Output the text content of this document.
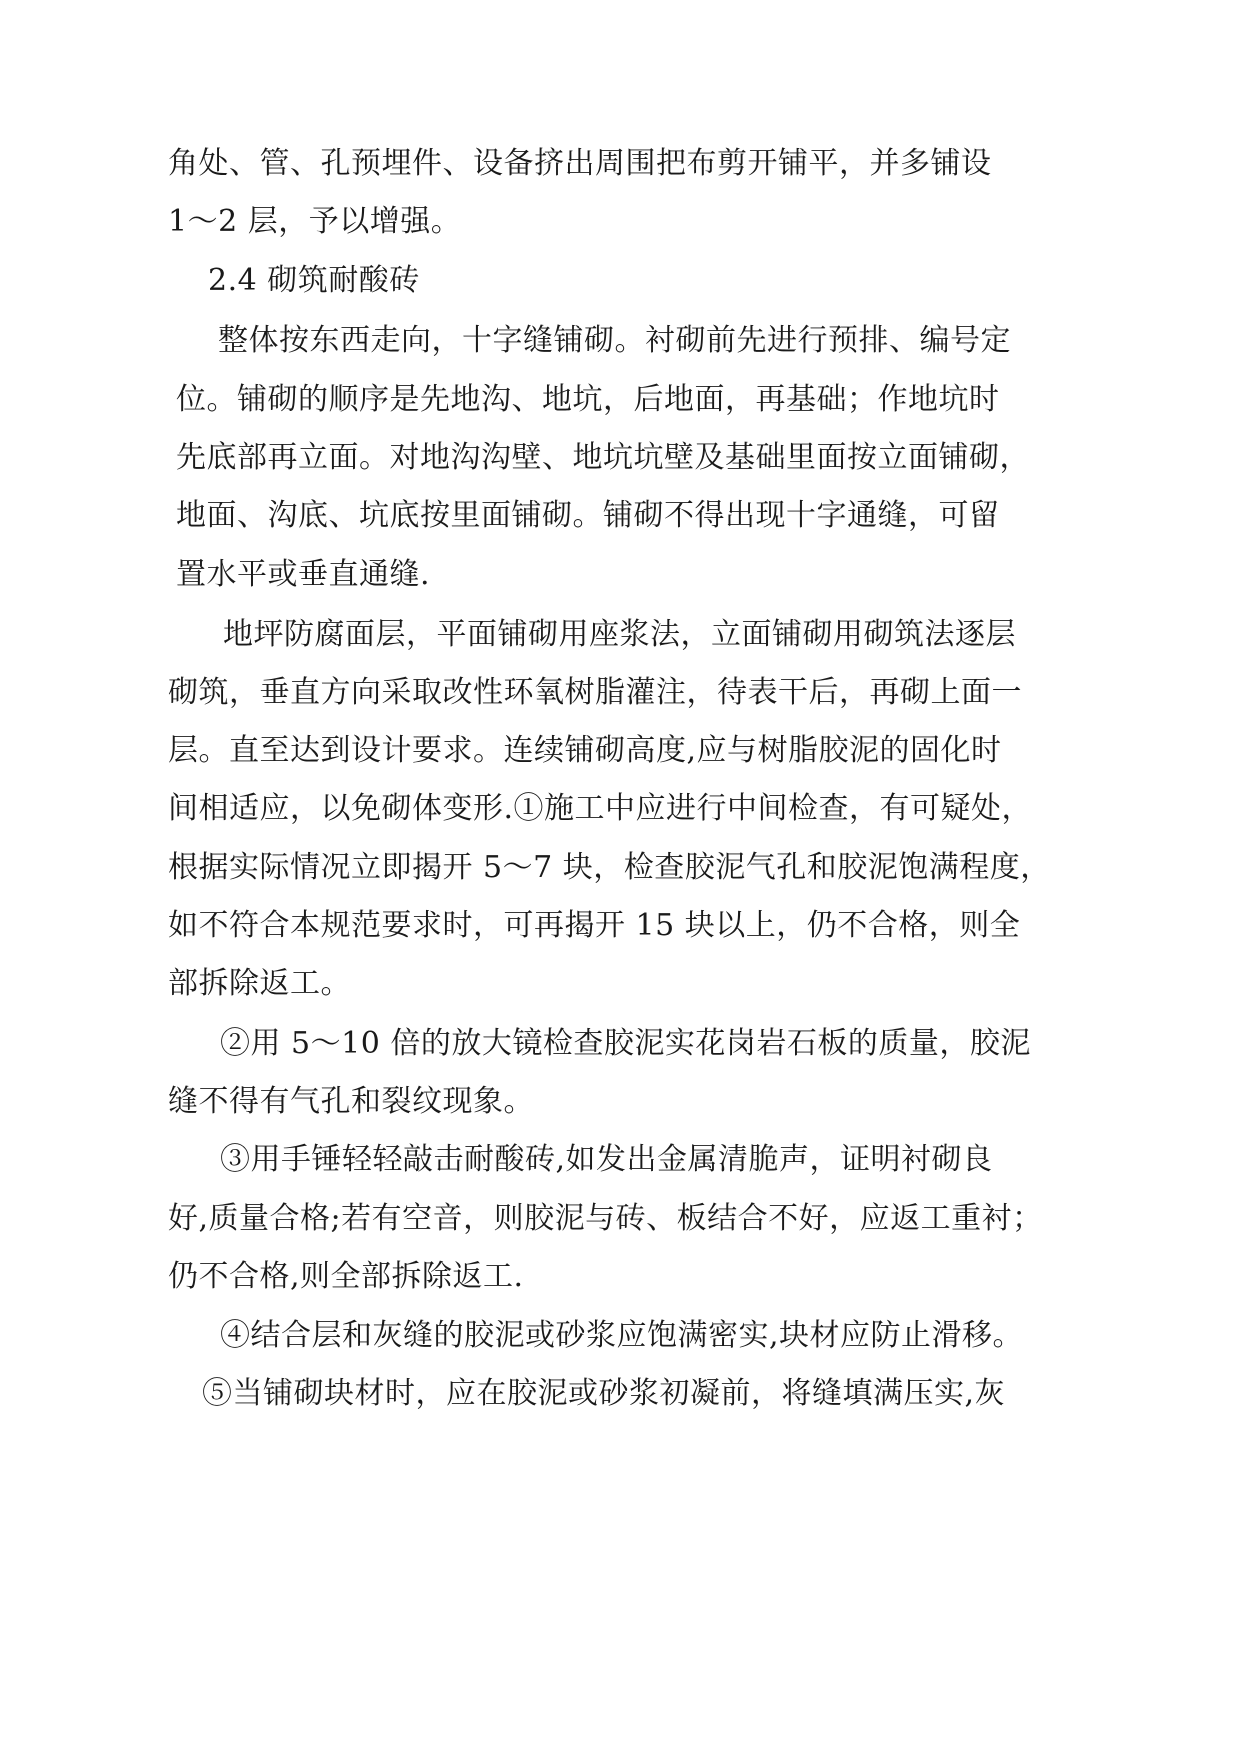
角处、管、孔预埋件、设备挤出周围把布剪开铺平，并多铺设
1～2 层，予以增强。
2.4 砌筑耐酸砖
整体按东西走向，十字缝铺砌。衬砌前先进行预排、编号定
位。铺砌的顺序是先地沟、地坑，后地面，再基础；作地坑时
先底部再立面。对地沟沟壁、地坑坑壁及基础里面按立面铺砌，
地面、沟底、坑底按里面铺砌。铺砌不得出现十字通缝，可留
置水平或垂直通缝.
地坪防腐面层，平面铺砌用座浆法，立面铺砌用砌筑法逐层
砌筑，垂直方向采取改性环氧树脂灌注，待表干后，再砌上面一
层。直至达到设计要求。连续铺砌高度,应与树脂胶泥的固化时
间相适应，以免砌体变形.①施工中应进行中间检查，有可疑处，
根据实际情况立即揭开 5～7 块，检查胶泥气孔和胶泥饱满程度，
如不符合本规范要求时，可再揭开 15 块以上，仍不合格，则全
部拆除返工。
②用 5～10 倍的放大镜检查胶泥实花岗岩石板的质量，胶泥
缝不得有气孔和裂纹现象。
③用手锤轻轻敲击耐酸砖,如发出金属清脆声，证明衬砌良
好,质量合格;若有空音，则胶泥与砖、板结合不好，应返工重衬；
仍不合格,则全部拆除返工.
④结合层和灰缝的胶泥或砂浆应饱满密实,块材应防止滑移。
⑤当铺砌块材时，应在胶泥或砂浆初凝前，将缝填满压实,灰
